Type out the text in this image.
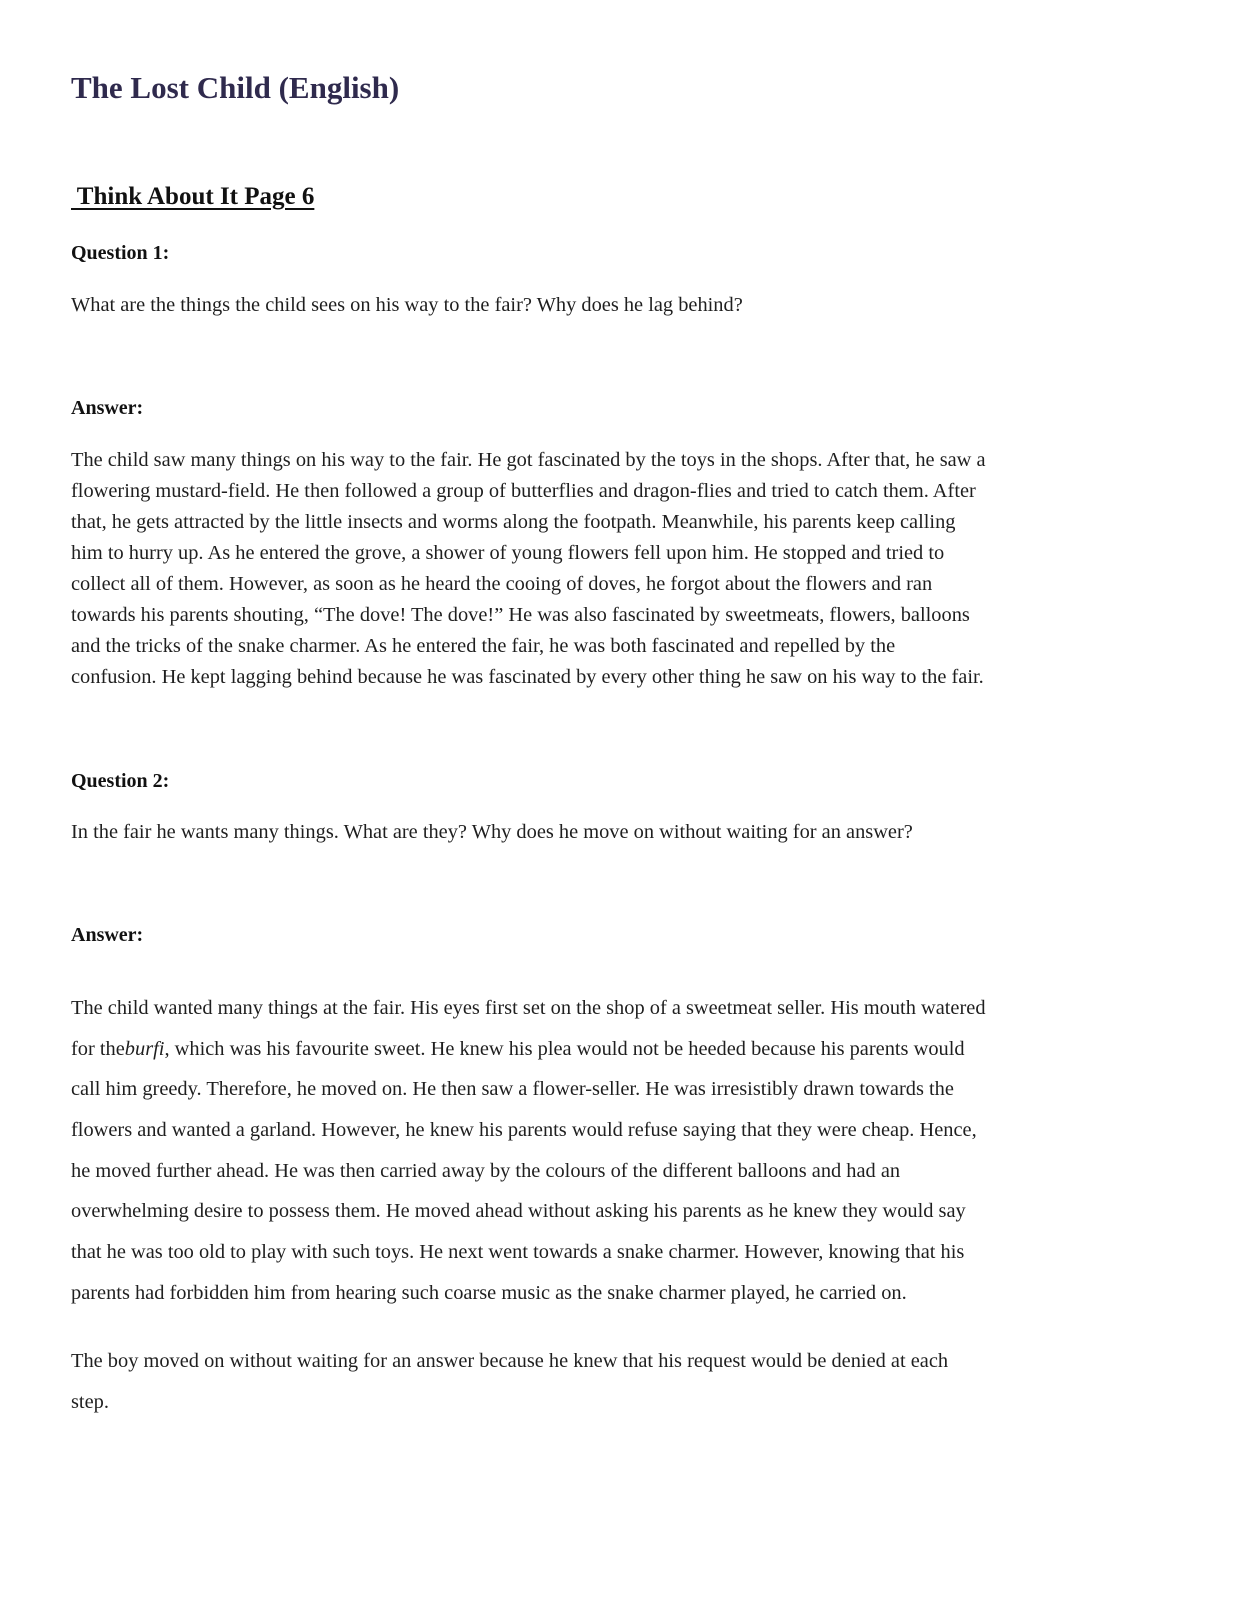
The Lost Child (English)
Think About It Page 6
Question 1:

What are the things the child sees on his way to the fair? Why does he lag behind?

Answer:
The child saw many things on his way to the fair. He got fascinated by the toys in the shops. After that, he saw a
flowering mustard-field. He then followed a group of butterflies and dragon-flies and tried to catch them. After
that, he gets attracted by the little insects and worms along the footpath. Meanwhile, his parents keep calling
him to hurry up. As he entered the grove, a shower of young flowers fell upon him. He stopped and tried to
collect all of them. However, as soon as he heard the cooing of doves, he forgot about the flowers and ran
towards his parents shouting, “The dove! The dove!” He was also fascinated by sweetmeats, flowers, balloons
and the tricks of the snake charmer. As he entered the fair, he was both fascinated and repelled by the
confusion. He kept lagging behind because he was fascinated by every other thing he saw on his way to the fair.
Question 2:

In the fair he wants many things. What are they? Why does he move on without waiting for an answer?

Answer:
The child wanted many things at the fair. His eyes first set on the shop of a sweetmeat seller. His mouth watered
for theburfi, which was his favourite sweet. He knew his plea would not be heeded because his parents would
call him greedy. Therefore, he moved on. He then saw a flower-seller. He was irresistibly drawn towards the
flowers and wanted a garland. However, he knew his parents would refuse saying that they were cheap. Hence,
he moved further ahead. He was then carried away by the colours of the different balloons and had an
overwhelming desire to possess them. He moved ahead without asking his parents as he knew they would say
that he was too old to play with such toys. He next went towards a snake charmer. However, knowing that his
parents had forbidden him from hearing such coarse music as the snake charmer played, he carried on.
The boy moved on without waiting for an answer because he knew that his request would be denied at each
step.
